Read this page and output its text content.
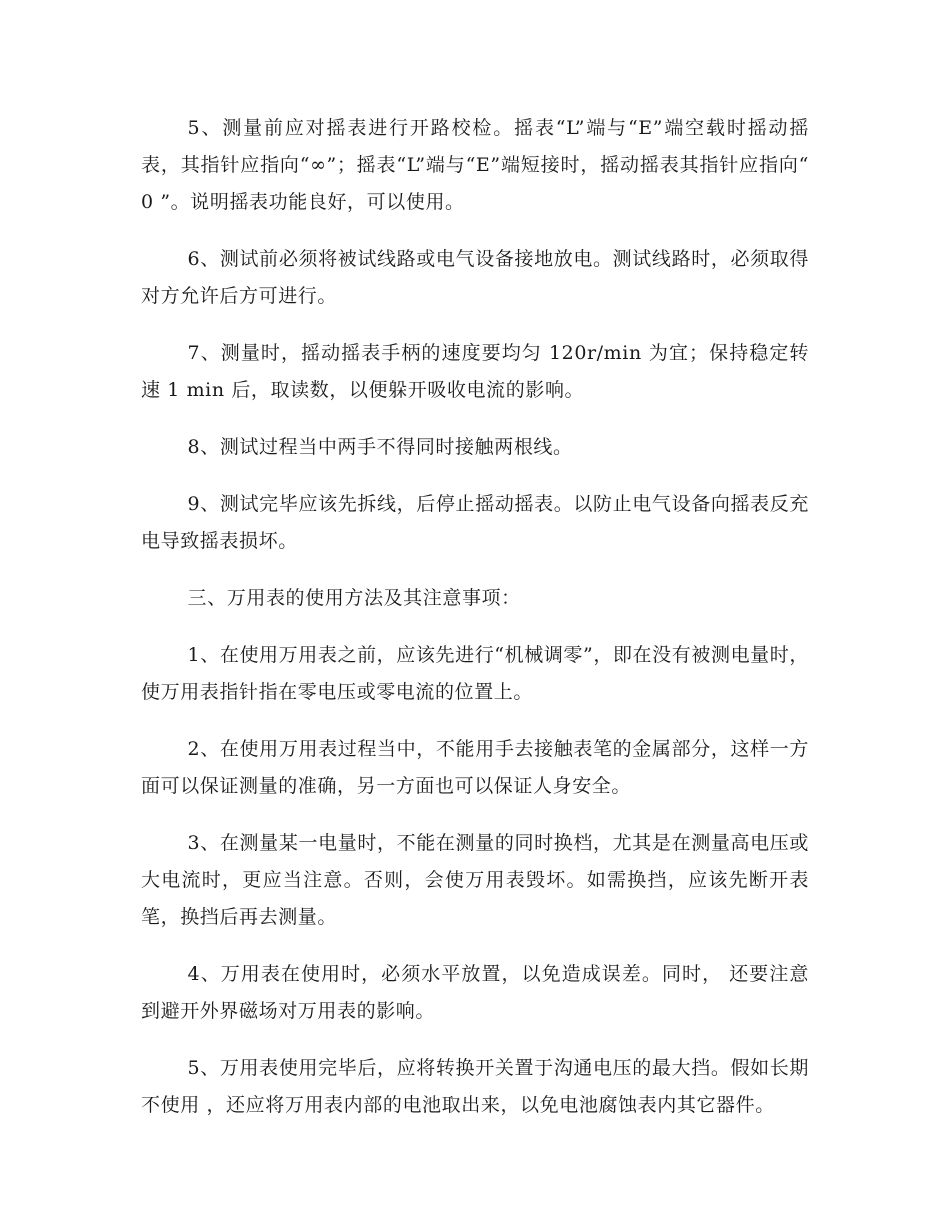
5、测量前应对摇表进行开路校检。摇表“L”端与“E”端空载时摇动摇表，其指针应指向“∞”；摇表“L”端与“E”端短接时，摇动摇表其指针应指向“ 0 ”。说明摇表功能良好，可以使用。

6、测试前必须将被试线路或电气设备接地放电。测试线路时，必须取得对方允许后方可进行。

7、测量时，摇动摇表手柄的速度要均匀 120r/min 为宜；保持稳定转速 1 min 后，取读数，以便躲开吸收电流的影响。

8、测试过程当中两手不得同时接触两根线。

9、测试完毕应该先拆线，后停止摇动摇表。以防止电气设备向摇表反充电导致摇表损坏。

三、万用表的使用方法及其注意事项：

1、在使用万用表之前，应该先进行“机械调零”，即在没有被测电量时，使万用表指针指在零电压或零电流的位置上。

2、在使用万用表过程当中，不能用手去接触表笔的金属部分，这样一方面可以保证测量的准确，另一方面也可以保证人身安全。

3、在测量某一电量时，不能在测量的同时换档，尤其是在测量高电压或大电流时，更应当注意。否则，会使万用表毁坏。如需换挡，应该先断开表笔，换挡后再去测量。

4、万用表在使用时，必须水平放置，以免造成误差。同时， 还要注意到避开外界磁场对万用表的影响。

5、万用表使用完毕后，应将转换开关置于沟通电压的最大挡。假如长期不使用 ，还应将万用表内部的电池取出来，以免电池腐蚀表内其它器件。
